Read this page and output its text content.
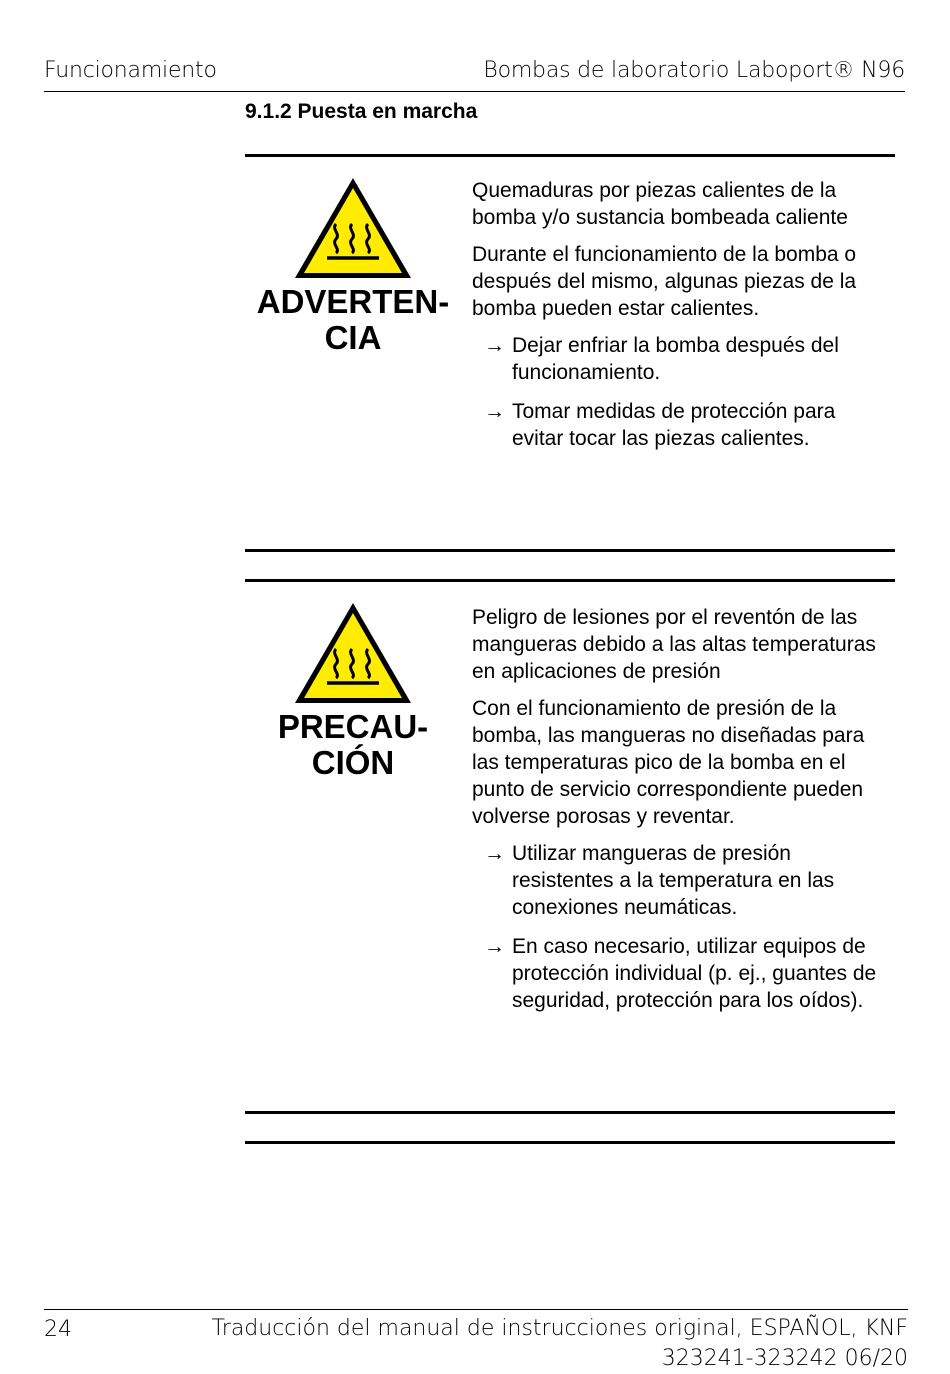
Funcionamiento	Bombas de laboratorio Laboport® N96
9.1.2 Puesta en marcha
ADVERTEN-
CIA

Quemaduras por piezas calientes de la bomba y/o sustancia bombeada caliente

Durante el funcionamiento de la bomba o después del mismo, algunas piezas de la bomba pueden estar calientes.

→ Dejar enfriar la bomba después del funcionamiento.
→ Tomar medidas de protección para evitar tocar las piezas calientes.
PRECAU-
CIÓN

Peligro de lesiones por el reventón de las mangueras debido a las altas temperaturas en aplicaciones de presión

Con el funcionamiento de presión de la bomba, las mangueras no diseñadas para las temperaturas pico de la bomba en el punto de servicio correspondiente pueden volverse porosas y reventar.

→ Utilizar mangueras de presión resistentes a la temperatura en las conexiones neumáticas.
→ En caso necesario, utilizar equipos de protección individual (p. ej., guantes de seguridad, protección para los oídos).
24	Traducción del manual de instrucciones original, ESPAÑOL, KNF
323241-323242 06/20
